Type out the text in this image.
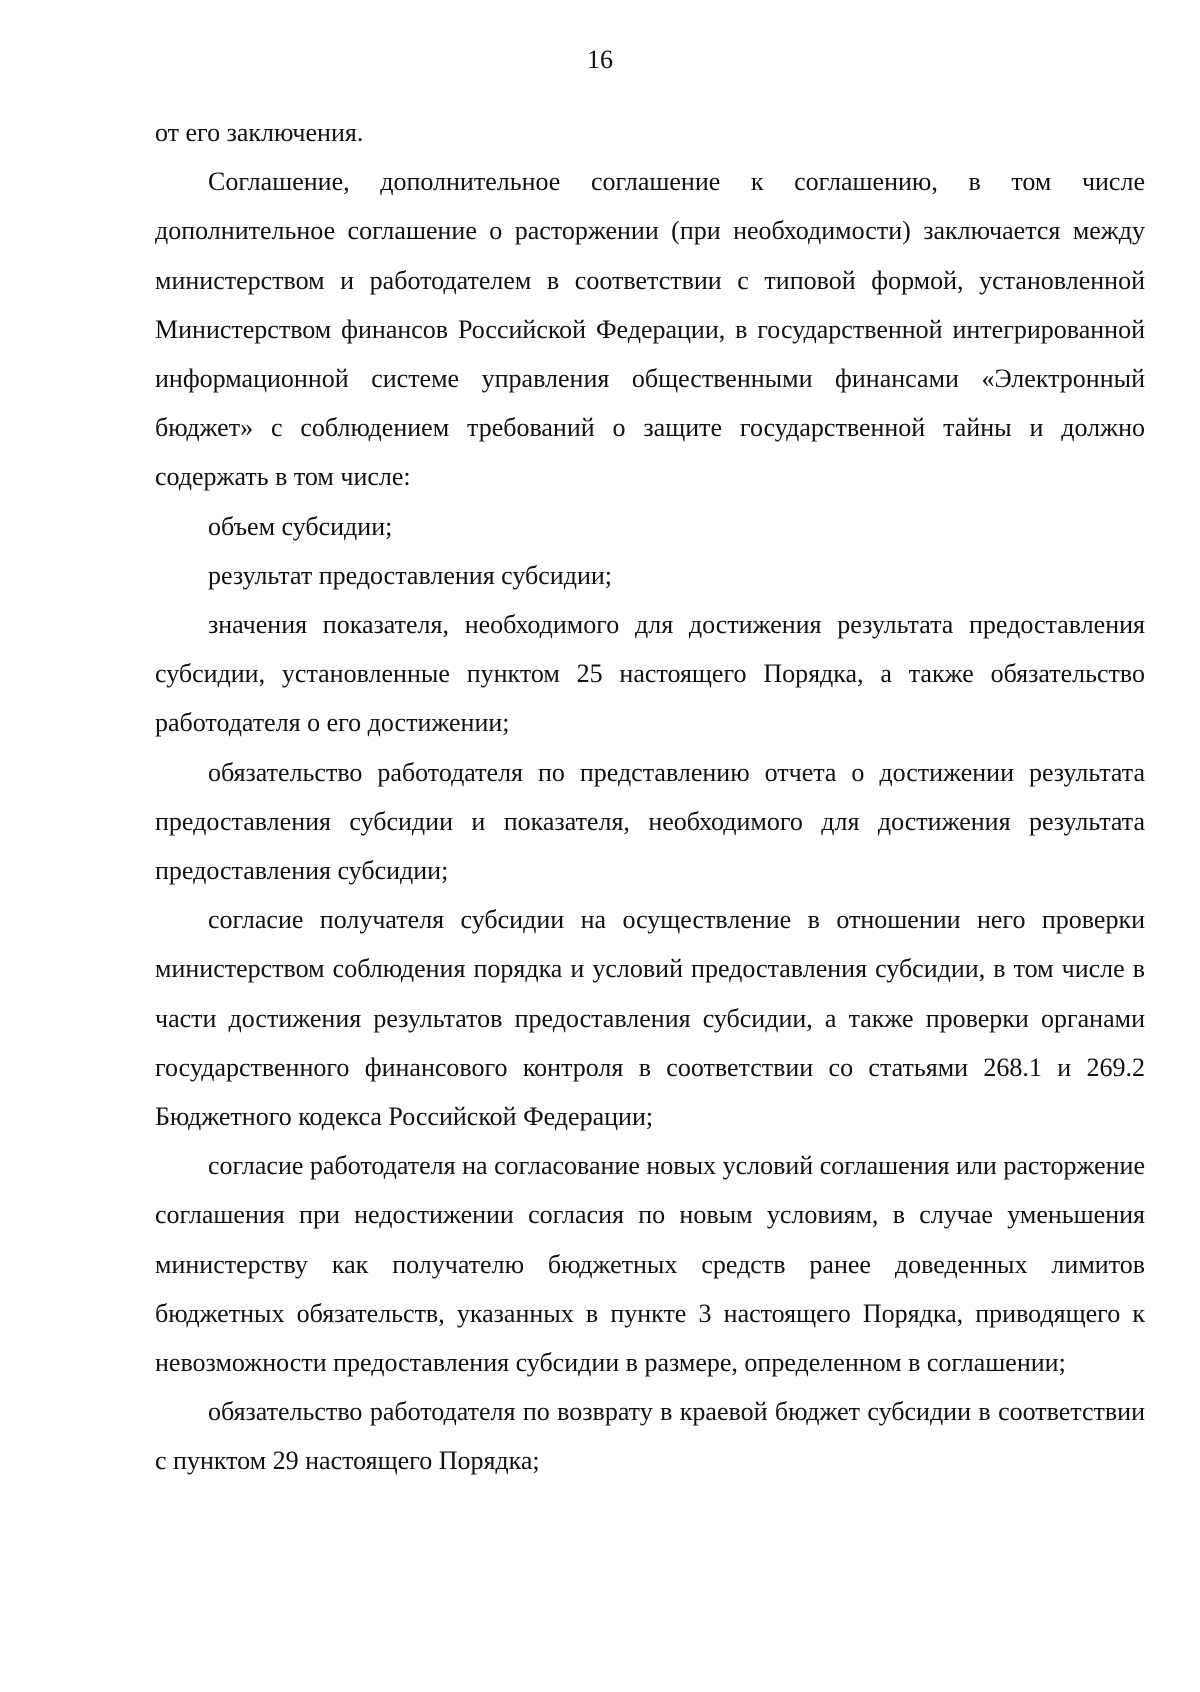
16

от его заключения.

Соглашение, дополнительное соглашение к соглашению, в том числе дополнительное соглашение о расторжении (при необходимости) заключается между министерством и работодателем в соответствии с типовой формой, установленной Министерством финансов Российской Федерации, в государственной интегрированной информационной системе управления общественными финансами «Электронный бюджет» с соблюдением требований о защите государственной тайны и должно содержать в том числе:

объем субсидии;

результат предоставления субсидии;

значения показателя, необходимого для достижения результата предоставления субсидии, установленные пунктом 25 настоящего Порядка, а также обязательство работодателя о его достижении;

обязательство работодателя по представлению отчета о достижении результата предоставления субсидии и показателя, необходимого для достижения результата предоставления субсидии;

согласие получателя субсидии на осуществление в отношении него проверки министерством соблюдения порядка и условий предоставления субсидии, в том числе в части достижения результатов предоставления субсидии, а также проверки органами государственного финансового контроля в соответствии со статьями 268.1 и 269.2 Бюджетного кодекса Российской Федерации;

согласие работодателя на согласование новых условий соглашения или расторжение соглашения при недостижении согласия по новым условиям, в случае уменьшения министерству как получателю бюджетных средств ранее доведенных лимитов бюджетных обязательств, указанных в пункте 3 настоящего Порядка, приводящего к невозможности предоставления субсидии в размере, определенном в соглашении;

обязательство работодателя по возврату в краевой бюджет субсидии в соответствии с пунктом 29 настоящего Порядка;
